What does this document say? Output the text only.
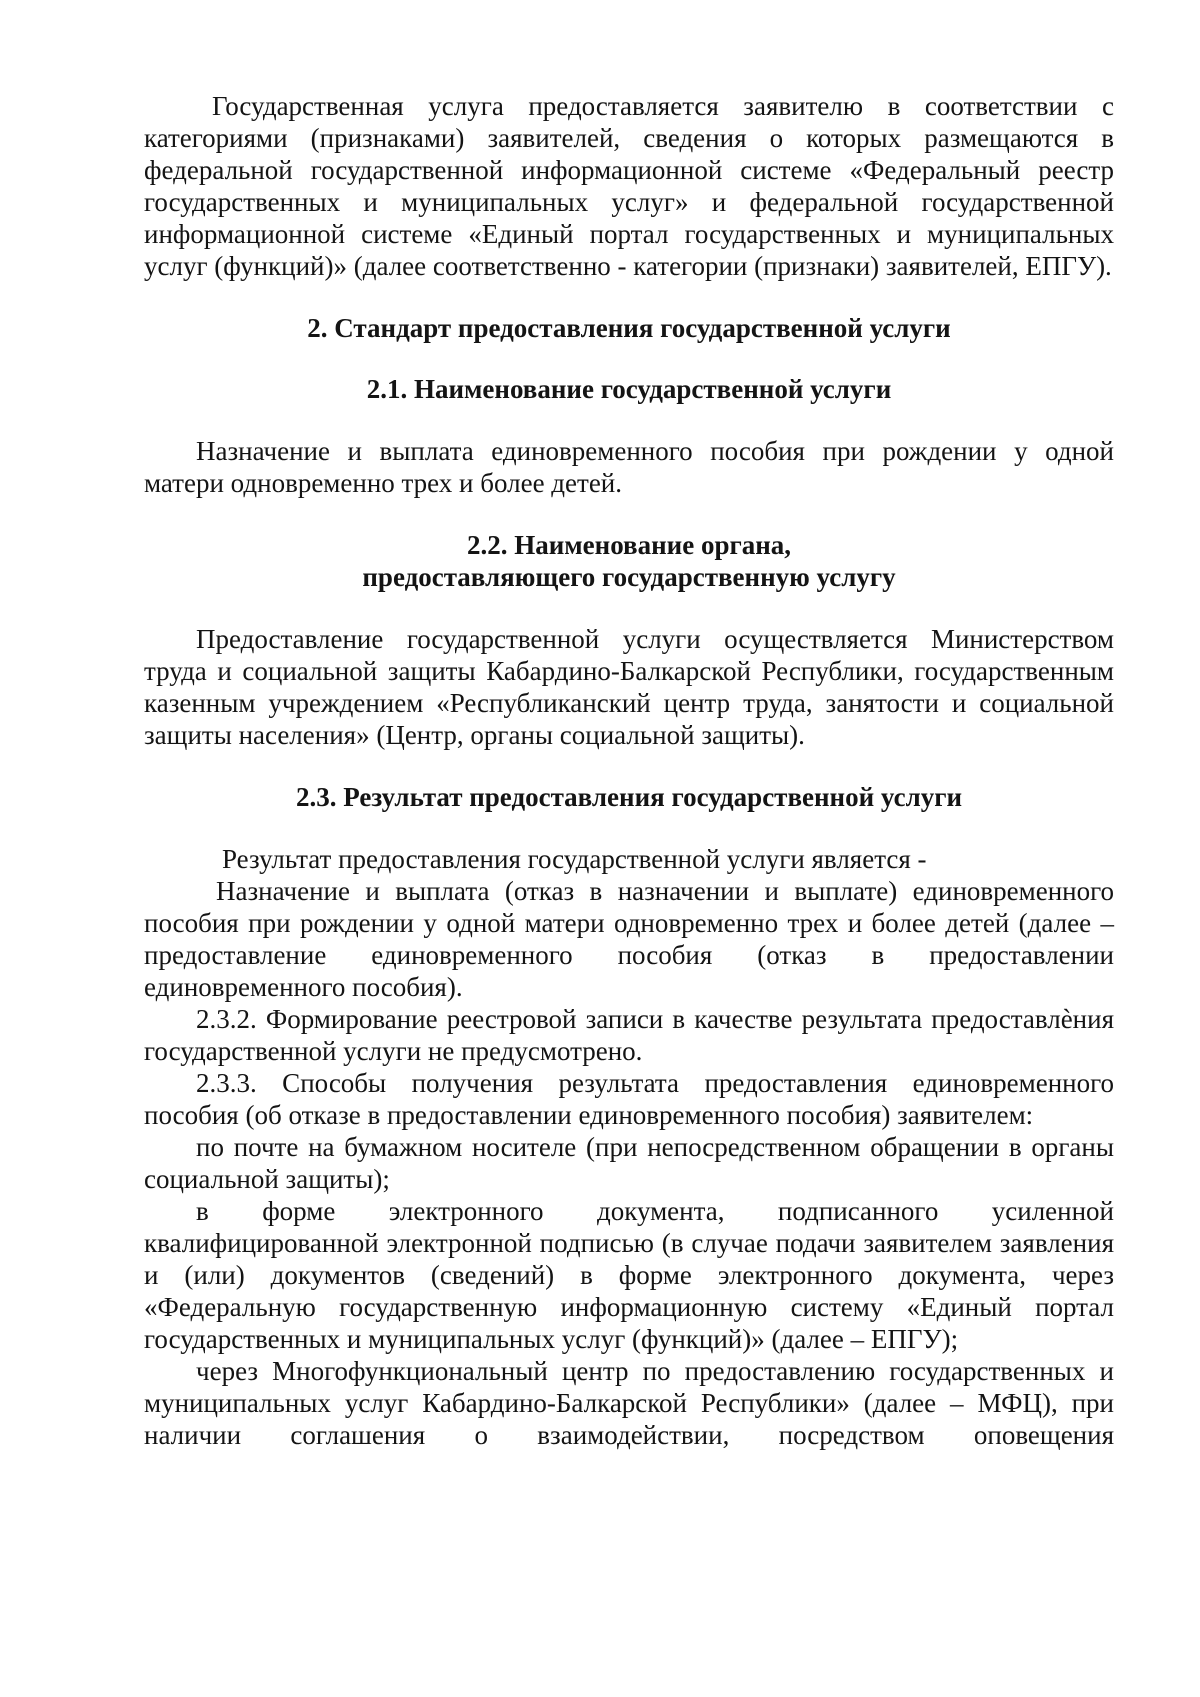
Государственная услуга предоставляется заявителю в соответствии с категориями (признаками) заявителей, сведения о которых размещаются в федеральной государственной информационной системе «Федеральный реестр государственных и муниципальных услуг» и федеральной государственной информационной системе «Единый портал государственных и муниципальных услуг (функций)» (далее соответственно - категории (признаки) заявителей, ЕПГУ).

2. Стандарт предоставления государственной услуги
2.1. Наименование государственной услуги

Назначение и выплата единовременного пособия при рождении у одной матери одновременно трех и более детей.

2.2. Наименование органа,
предоставляющего государственную услугу

Предоставление государственной услуги осуществляется Министерством труда и социальной защиты Кабардино-Балкарской Республики, государственным казенным учреждением «Республиканский центр труда, занятости и социальной защиты населения» (Центр, органы социальной защиты).

2.3. Результат предоставления государственной услуги

Результат предоставления государственной услуги является -

Назначение и выплата (отказ в назначении и выплате) единовременного пособия при рождении у одной матери одновременно трех и более детей (далее – предоставление единовременного пособия (отказ в предоставлении единовременного пособия).

2.3.2. Формирование реестровой записи в качестве результата предоставлѐния государственной услуги не предусмотрено.

2.3.3. Способы получения результата предоставления единовременного пособия (об отказе в предоставлении единовременного пособия) заявителем:

по почте на бумажном носителе (при непосредственном обращении в органы социальной защиты);

в форме электронного документа, подписанного усиленной квалифицированной электронной подписью (в случае подачи заявителем заявления и (или) документов (сведений) в форме электронного документа, через «Федеральную государственную информационную систему «Единый портал государственных и муниципальных услуг (функций)» (далее – ЕПГУ);

через Многофункциональный центр по предоставлению государственных и муниципальных услуг Кабардино-Балкарской Республики» (далее – МФЦ), при наличии соглашения о взаимодействии, посредством оповещения
